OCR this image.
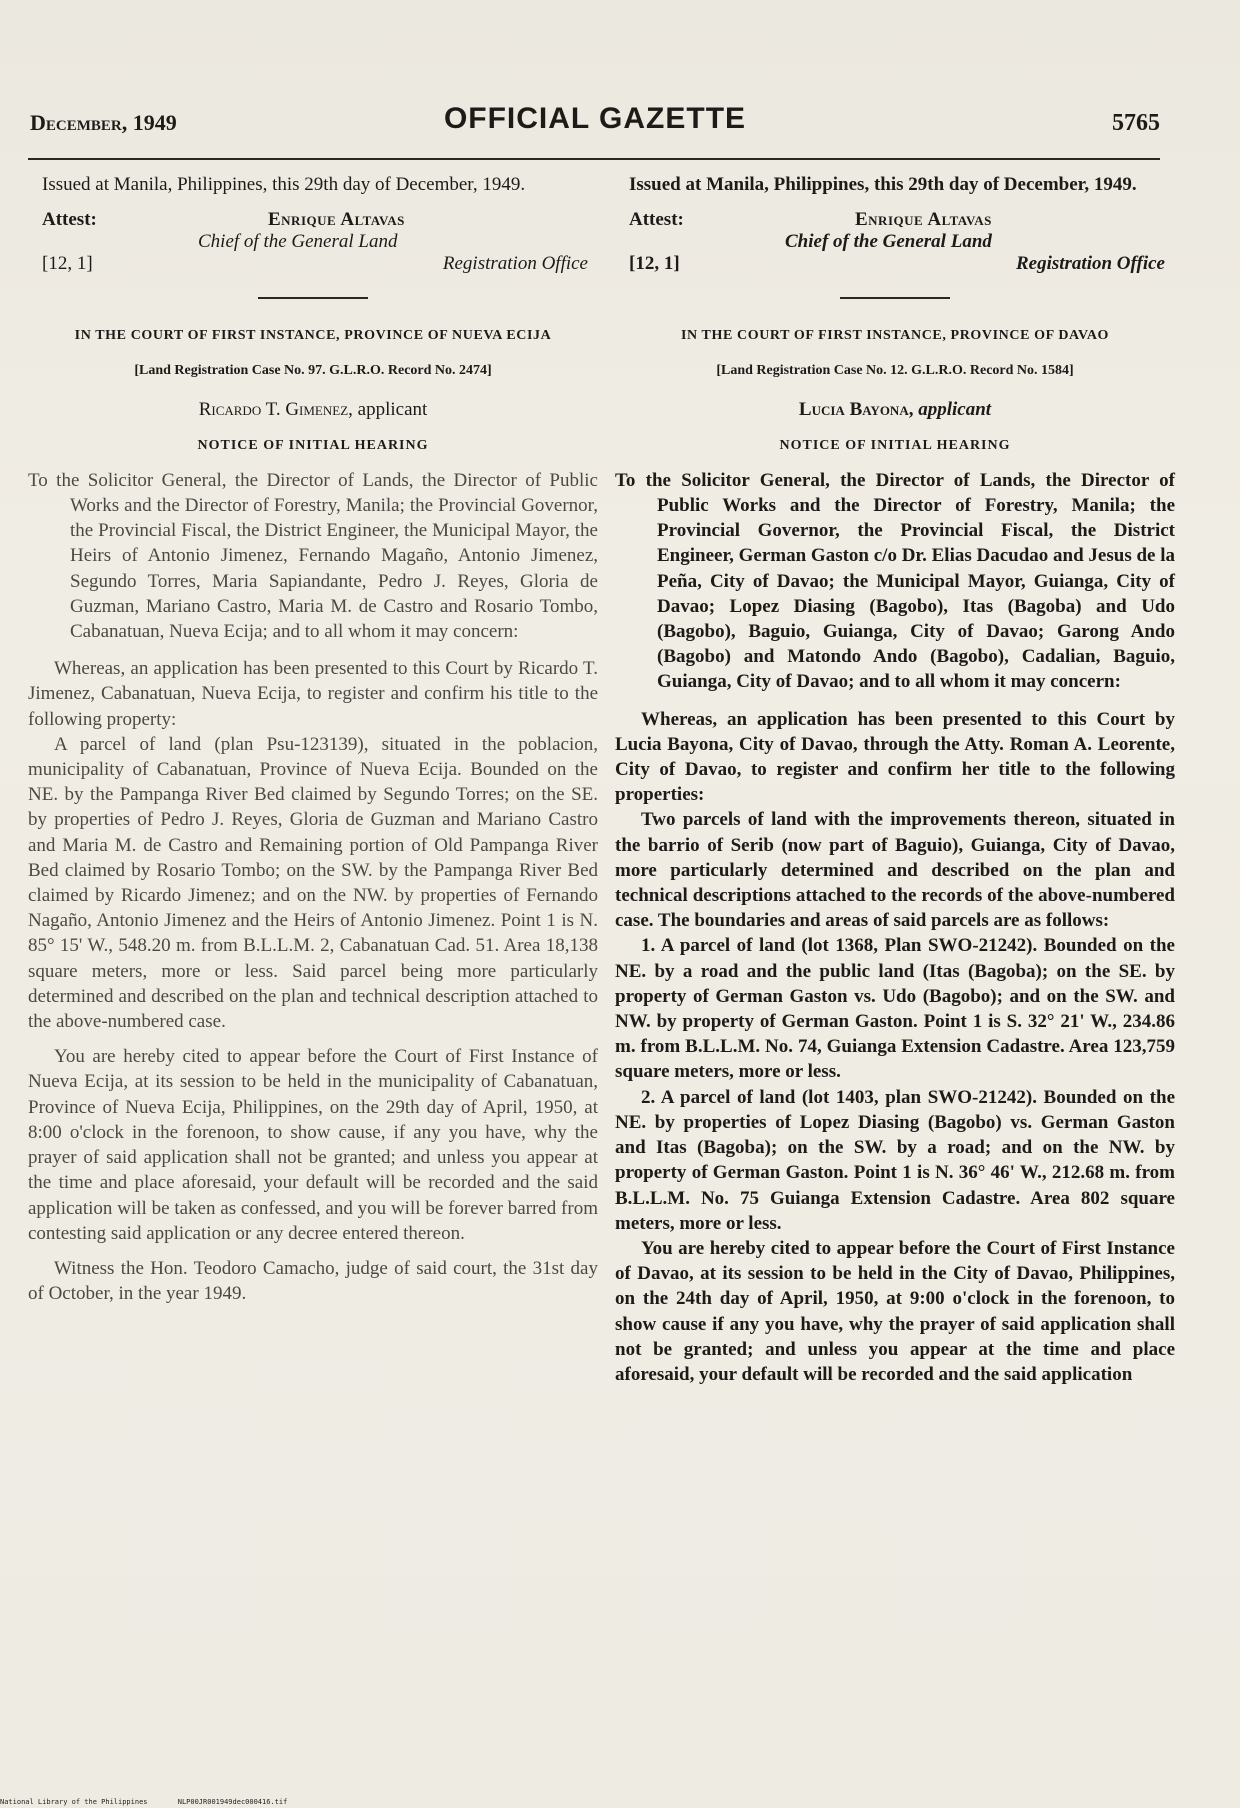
December, 1949	OFFICIAL GAZETTE	5765

Issued at Manila, Philippines, this 29th day of December, 1949.

Attest:	Enrique Altavas
Chief of the General Land
[12, 1]	Registration Office
IN THE COURT OF FIRST INSTANCE, PROVINCE OF NUEVA ECIJA
[Land Registration Case No. 97. G.L.R.O. Record No. 2474]
Ricardo T. Gimenez, applicant
NOTICE OF INITIAL HEARING

To the Solicitor General, the Director of Lands, the Director of Public Works and the Director of Forestry, Manila; the Provincial Governor, the Provincial Fiscal, the District Engineer, the Municipal Mayor, the Heirs of Antonio Jimenez, Fernando Magaño, Antonio Jimenez, Segundo Torres, Maria Sapiandante, Pedro J. Reyes, Gloria de Guzman, Mariano Castro, Maria M. de Castro and Rosario Tombo, Cabanatuan, Nueva Ecija; and to all whom it may concern:

Whereas, an application has been presented to this Court by Ricardo T. Jimenez, Cabanatuan, Nueva Ecija, to register and confirm his title to the following property:

A parcel of land (plan Psu-123139), situated in the poblacion, municipality of Cabanatuan, Province of Nueva Ecija. Bounded on the NE. by the Pampanga River Bed claimed by Segundo Torres; on the SE. by properties of Pedro J. Reyes, Gloria de Guzman and Mariano Castro and Maria M. de Castro and Remaining portion of Old Pampanga River Bed claimed by Rosario Tombo; on the SW. by the Pampanga River Bed claimed by Ricardo Jimenez; and on the NW. by properties of Fernando Nagaño, Antonio Jimenez and the Heirs of Antonio Jimenez. Point 1 is N. 85° 15' W., 548.20 m. from B.L.L.M. 2, Cabanatuan Cad. 51. Area 18,138 square meters, more or less. Said parcel being more particularly determined and described on the plan and technical description attached to the above-numbered case.

You are hereby cited to appear before the Court of First Instance of Nueva Ecija, at its session to be held in the municipality of Cabanatuan, Province of Nueva Ecija, Philippines, on the 29th day of April, 1950, at 8:00 o'clock in the forenoon, to show cause, if any you have, why the prayer of said application shall not be granted; and unless you appear at the time and place aforesaid, your default will be recorded and the said application will be taken as confessed, and you will be forever barred from contesting said application or any decree entered thereon.

Witness the Hon. Teodoro Camacho, judge of said court, the 31st day of October, in the year 1949.

Issued at Manila, Philippines, this 29th day of December, 1949.

Attest:	Enrique Altavas
Chief of the General Land
[12, 1]	Registration Office
IN THE COURT OF FIRST INSTANCE, PROVINCE OF DAVAO
[Land Registration Case No. 12. G.L.R.O. Record No. 1584]
Lucia Bayona, applicant
NOTICE OF INITIAL HEARING

To the Solicitor General, the Director of Lands, the Director of Public Works and the Director of Forestry, Manila; the Provincial Governor, the Provincial Fiscal, the District Engineer, German Gaston c/o Dr. Elias Dacudao and Jesus de la Peña, City of Davao; the Municipal Mayor, Guianga, City of Davao; Lopez Diasing (Bagobo), Itas (Bagoba) and Udo (Bagobo), Baguio, Guianga, City of Davao; Garong Ando (Bagobo) and Matondo Ando (Bagobo), Cadalian, Baguio, Guianga, City of Davao; and to all whom it may concern:

Whereas, an application has been presented to this Court by Lucia Bayona, City of Davao, through the Atty. Roman A. Leorente, City of Davao, to register and confirm her title to the following properties:

Two parcels of land with the improvements thereon, situated in the barrio of Serib (now part of Baguio), Guianga, City of Davao, more particularly determined and described on the plan and technical descriptions attached to the records of the above-numbered case. The boundaries and areas of said parcels are as follows:

1. A parcel of land (lot 1368, Plan SWO-21242). Bounded on the NE. by a road and the public land (Itas (Bagoba); on the SE. by property of German Gaston vs. Udo (Bagobo); and on the SW. and NW. by property of German Gaston. Point 1 is S. 32° 21' W., 234.86 m. from B.L.L.M. No. 74, Guianga Extension Cadastre. Area 123,759 square meters, more or less.

2. A parcel of land (lot 1403, plan SWO-21242). Bounded on the NE. by properties of Lopez Diasing (Bagobo) vs. German Gaston and Itas (Bagoba); on the SW. by a road; and on the NW. by property of German Gaston. Point 1 is N. 36° 46' W., 212.68 m. from B.L.L.M. No. 75 Guianga Extension Cadastre. Area 802 square meters, more or less.

You are hereby cited to appear before the Court of First Instance of Davao, at its session to be held in the City of Davao, Philippines, on the 24th day of April, 1950, at 9:00 o'clock in the forenoon, to show cause if any you have, why the prayer of said application shall not be granted; and unless you appear at the time and place aforesaid, your default will be recorded and the said application

National Library of the Philippines	NLP00JR001949dec000416.tif
